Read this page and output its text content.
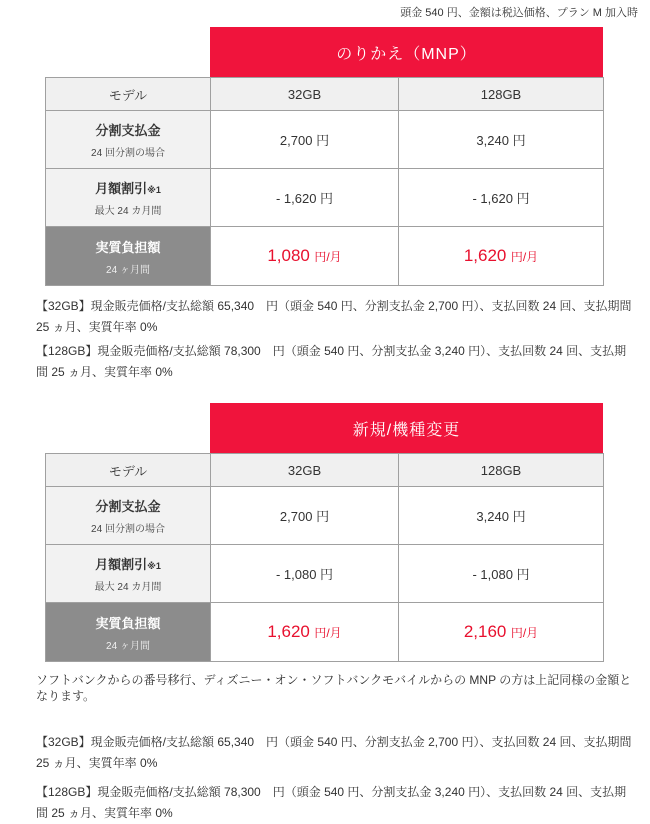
頭金 540 円、金額は税込価格、プラン M 加入時
のりかえ（MNP）
モデル	32GB	128GB

分割支払金
24 回分割の場合	2,700 円	3,240 円

月額割引※1
最大 24 カ月間	- 1,620 円	- 1,620 円

実質負担額
24 ヶ月間	1,080 円/月	1,620 円/月

【32GB】現金販売価格/支払総額 65,340　円（頭金 540 円、分割支払金 2,700 円）、支払回数 24 回、支払期間 25 ヵ月、実質年率 0%

【128GB】現金販売価格/支払総額 78,300　円（頭金 540 円、分割支払金 3,240 円）、支払回数 24 回、支払期間 25 ヵ月、実質年率 0%

新規/機種変更
モデル	32GB	128GB

分割支払金
24 回分割の場合	2,700 円	3,240 円

月額割引※1
最大 24 カ月間	- 1,080 円	- 1,080 円

実質負担額
24 ヶ月間	1,620 円/月	2,160 円/月
ソフトバンクからの番号移行、ディズニー・オン・ソフトバンクモバイルからの MNP の方は上記同様の金額となります。

【32GB】現金販売価格/支払総額 65,340　円（頭金 540 円、分割支払金 2,700 円）、支払回数 24 回、支払期間 25 ヵ月、実質年率 0%

【128GB】現金販売価格/支払総額 78,300　円（頭金 540 円、分割支払金 3,240 円）、支払回数 24 回、支払期間 25 ヵ月、実質年率 0%
